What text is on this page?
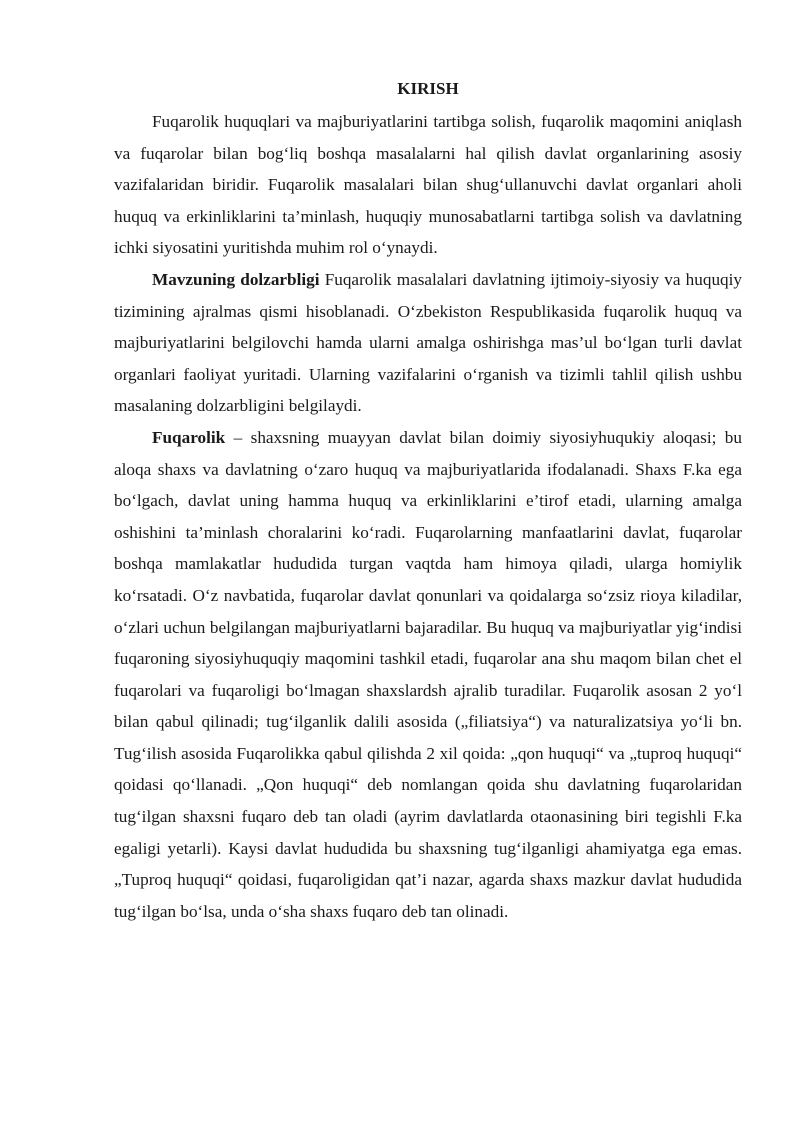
KIRISH

Fuqarolik huquqlari va majburiyatlarini tartibga solish, fuqarolik maqomini aniqlash va fuqarolar bilan bog‘liq boshqa masalalarni hal qilish davlat organlarining asosiy vazifalaridan biridir. Fuqarolik masalalari bilan shug‘ullanuvchi davlat organlari aholi huquq va erkinliklarini ta’minlash, huquqiy munosabatlarni tartibga solish va davlatning ichki siyosatini yuritishda muhim rol o‘ynaydi.

Mavzuning dolzarbligi Fuqarolik masalalari davlatning ijtimoiy-siyosiy va huquqiy tizimining ajralmas qismi hisoblanadi. O‘zbekiston Respublikasida fuqarolik huquq va majburiyatlarini belgilovchi hamda ularni amalga oshirishga mas’ul bo‘lgan turli davlat organlari faoliyat yuritadi. Ularning vazifalarini o‘rganish va tizimli tahlil qilish ushbu masalaning dolzarbligini belgilaydi.

Fuqarolik – shaxsning muayyan davlat bilan doimiy siyosiyhuqukiy aloqasi; bu aloqa shaxs va davlatning o‘zaro huquq va majburiyatlarida ifodalanadi. Shaxs F.ka ega bo‘lgach, davlat uning hamma huquq va erkinliklarini e’tirof etadi, ularning amalga oshishini ta’minlash choralarini ko‘radi. Fuqarolarning manfaatlarini davlat, fuqarolar boshqa mamlakatlar hududida turgan vaqtda ham himoya qiladi, ularga homiylik ko‘rsatadi. O‘z navbatida, fuqarolar davlat qonunlari va qoidalarga so‘zsiz rioya kiladilar, o‘zlari uchun belgilangan majburiyatlarni bajaradilar. Bu huquq va majburiyatlar yig‘indisi fuqaroning siyosiyhuquqiy maqomini tashkil etadi, fuqarolar ana shu maqom bilan chet el fuqarolari va fuqaroligi bo‘lmagan shaxslardsh ajralib turadilar. Fuqarolik asosan 2 yo‘l bilan qabul qilinadi; tug‘ilganlik dalili asosida („filiatsiya“) va naturalizatsiya yo‘li bn. Tug‘ilish asosida Fuqarolikka qabul qilishda 2 xil qoida: „qon huquqi“ va „tuproq huquqi“ qoidasi qo‘llanadi. „Qon huquqi“ deb nomlangan qoida shu davlatning fuqarolaridan tug‘ilgan shaxsni fuqaro deb tan oladi (ayrim davlatlarda otaonasining biri tegishli F.ka egaligi yetarli). Kaysi davlat hududida bu shaxsning tug‘ilganligi ahamiyatga ega emas. „Tuproq huquqi“ qoidasi, fuqaroligidan qat’i nazar, agarda shaxs mazkur davlat hududida tug‘ilgan bo‘lsa, unda o‘sha shaxs fuqaro deb tan olinadi.
